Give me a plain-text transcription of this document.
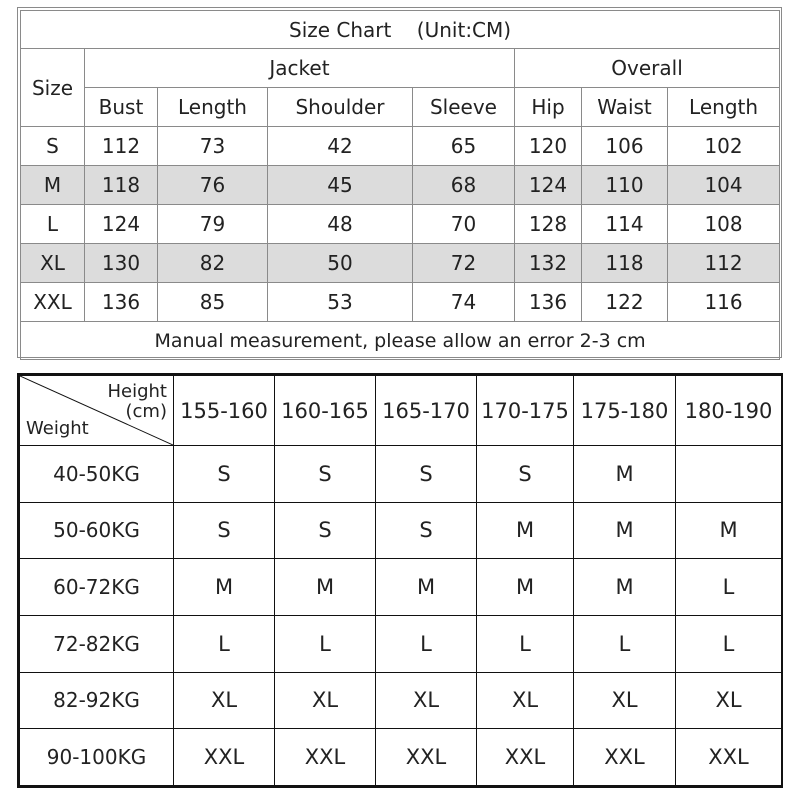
Size Chart    (Unit:CM)							
Size	Jacket				Overall		
	Bust	Length	Shoulder	Sleeve	Hip	Waist	Length
S	112	73	42	65	120	106	102
M	118	76	45	68	124	110	104
L	124	79	48	70	128	114	108
XL	130	82	50	72	132	118	112
XXL	136	85	53	74	136	122	116
Manual measurement, please allow an error 2-3 cm							
Height
(cm)
Weight	155-160	160-165	165-170	170-175	175-180	180-190
40-50KG	S	S	S	S	M	
50-60KG	S	S	S	M	M	M
60-72KG	M	M	M	M	M	L
72-82KG	L	L	L	L	L	L
82-92KG	XL	XL	XL	XL	XL	XL
90-100KG	XXL	XXL	XXL	XXL	XXL	XXL
